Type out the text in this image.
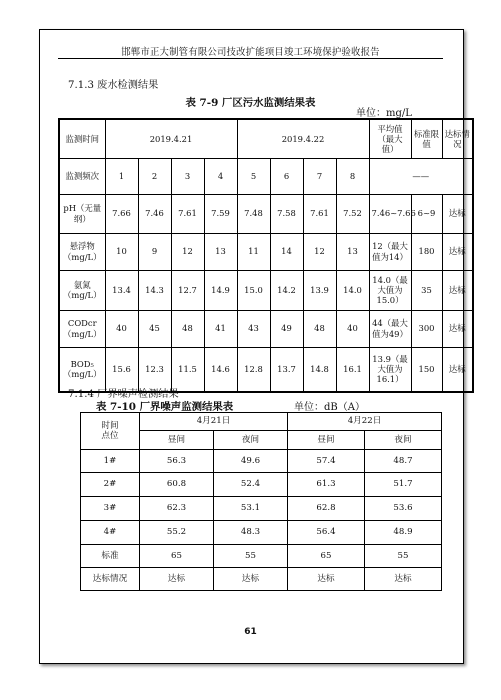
邯郸市正大制管有限公司技改扩能项目竣工环境保护验收报告
7.1.3 废水检测结果
表 7-9 厂区污水监测结果表
单位：mg/L
监测时间	2019.4.21				2019.4.22				平均值（最大值）	标准限值	达标情况
监测频次	1	2	3	4	5	6	7	8	——		
pH（无量纲）	7.66	7.46	7.61	7.59	7.48	7.58	7.61	7.52	7.46~7.66	6~9	达标
悬浮物（mg/L）	10	9	12	13	11	14	12	13	12（最大值为14）	180	达标
氨氮（mg/L）	13.4	14.3	12.7	14.9	15.0	14.2	13.9	14.0	14.0（最大值为15.0）	35	达标
CODcr（mg/L）	40	45	48	41	43	49	48	40	44（最大值为49）	300	达标
BOD₅（mg/L）	15.6	12.3	11.5	14.6	12.8	13.7	14.8	16.1	13.9（最大值为16.1）	150	达标
7.1.4 厂界噪声检测结果
表 7-10 厂界噪声监测结果表	单位：dB（A）
时间
点位	4月21日		4月22日	
	昼间	夜间	昼间	夜间
1#	56.3	49.6	57.4	48.7
2#	60.8	52.4	61.3	51.7
3#	62.3	53.1	62.8	53.6
4#	55.2	48.3	56.4	48.9
标准	65	55	65	55
达标情况	达标	达标	达标	达标
61
